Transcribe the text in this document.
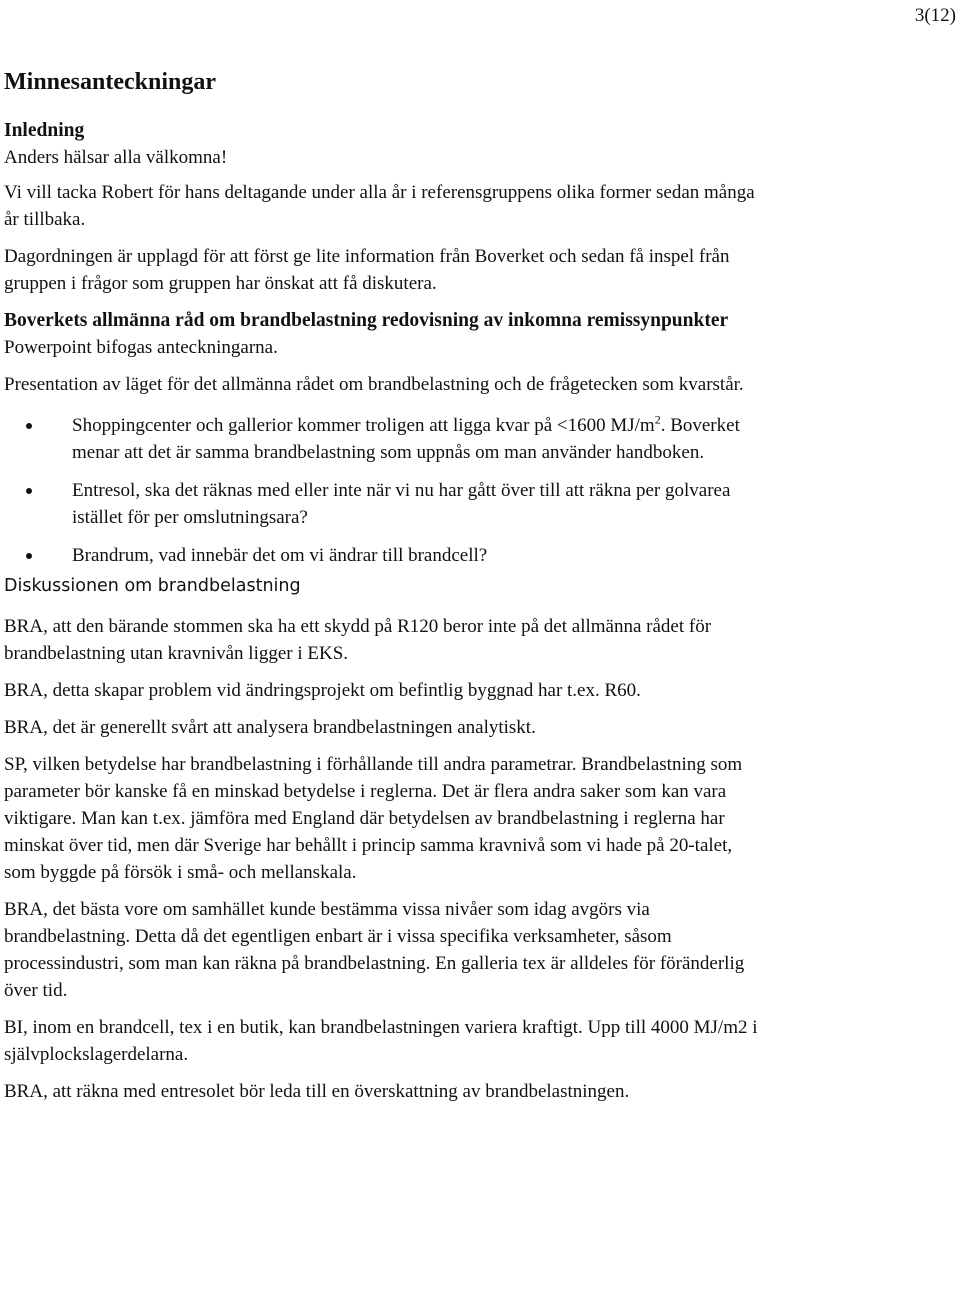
3(12)
Minnesanteckningar
Inledning

Anders hälsar alla välkomna!

Vi vill tacka Robert för hans deltagande under alla år i referensgruppens olika former sedan många år tillbaka.

Dagordningen är upplagd för att först ge lite information från Boverket och sedan få inspel från gruppen i frågor som gruppen har önskat att få diskutera.

Boverkets allmänna råd om brandbelastning redovisning av inkomna remissynpunkter

Powerpoint bifogas anteckningarna.

Presentation av läget för det allmänna rådet om brandbelastning och de frågetecken som kvarstår.

Shoppingcenter och gallerior kommer troligen att ligga kvar på <1600 $MJ/m^2$. Boverket menar att det är samma brandbelastning som uppnås om man använder handboken.
Entresol, ska det räknas med eller inte när vi nu har gått över till att räkna per golvarea istället för per omslutningsara?
Brandrum, vad innebär det om vi ändrar till brandcell?

Diskussionen om brandbelastning

BRA, att den bärande stommen ska ha ett skydd på R120 beror inte på det allmänna rådet för brandbelastning utan kravnivån ligger i EKS.

BRA, detta skapar problem vid ändringsprojekt om befintlig byggnad har t.ex. R60.

BRA, det är generellt svårt att analysera brandbelastningen analytiskt.

SP, vilken betydelse har brandbelastning i förhållande till andra parametrar. Brandbelastning som parameter bör kanske få en minskad betydelse i reglerna. Det är flera andra saker som kan vara viktigare. Man kan t.ex. jämföra med England där betydelsen av brandbelastning i reglerna har minskat över tid, men där Sverige har behållt i princip samma kravnivå som vi hade på 20-talet, som byggde på försök i små- och mellanskala.

BRA, det bästa vore om samhället kunde bestämma vissa nivåer som idag avgörs via brandbelastning. Detta då det egentligen enbart är i vissa specifika verksamheter, såsom processindustri, som man kan räkna på brandbelastning. En galleria tex är alldeles för föränderlig över tid.

BI, inom en brandcell, tex i en butik, kan brandbelastningen variera kraftigt. Upp till 4000 MJ/m2 i självplockslagerdelarna.

BRA, att räkna med entresolet bör leda till en överskattning av brandbelastningen.
